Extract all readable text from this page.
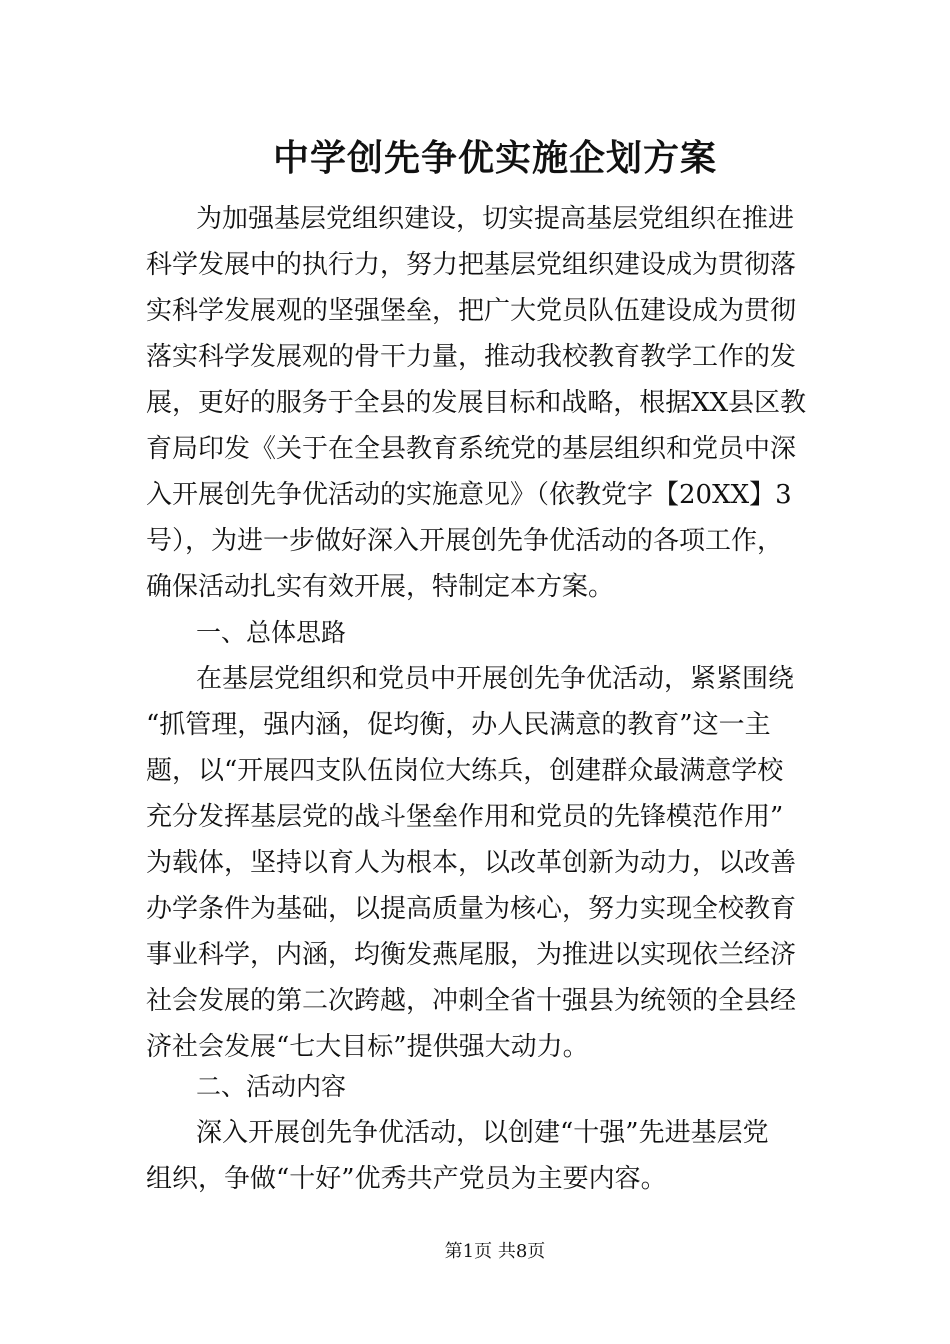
中学创先争优实施企划方案
为加强基层党组织建设，切实提高基层党组织在推进
科学发展中的执行力，努力把基层党组织建设成为贯彻落
实科学发展观的坚强堡垒，把广大党员队伍建设成为贯彻
落实科学发展观的骨干力量，推动我校教育教学工作的发
展，更好的服务于全县的发展目标和战略，根据XX县区教
育局印发《关于在全县教育系统党的基层组织和党员中深
入开展创先争优活动的实施意见》（依教党字【20XX】3
号），为进一步做好深入开展创先争优活动的各项工作，
确保活动扎实有效开展，特制定本方案。
一、总体思路
在基层党组织和党员中开展创先争优活动，紧紧围绕
“抓管理，强内涵，促均衡，办人民满意的教育”这一主
题，以“开展四支队伍岗位大练兵，创建群众最满意学校
充分发挥基层党的战斗堡垒作用和党员的先锋模范作用”
为载体，坚持以育人为根本，以改革创新为动力，以改善
办学条件为基础，以提高质量为核心，努力实现全校教育
事业科学，内涵，均衡发燕尾服，为推进以实现依兰经济
社会发展的第二次跨越，冲刺全省十强县为统领的全县经
济社会发展“七大目标”提供强大动力。
二、活动内容
深入开展创先争优活动，以创建“十强”先进基层党
组织，争做“十好”优秀共产党员为主要内容。
第1页 共8页
